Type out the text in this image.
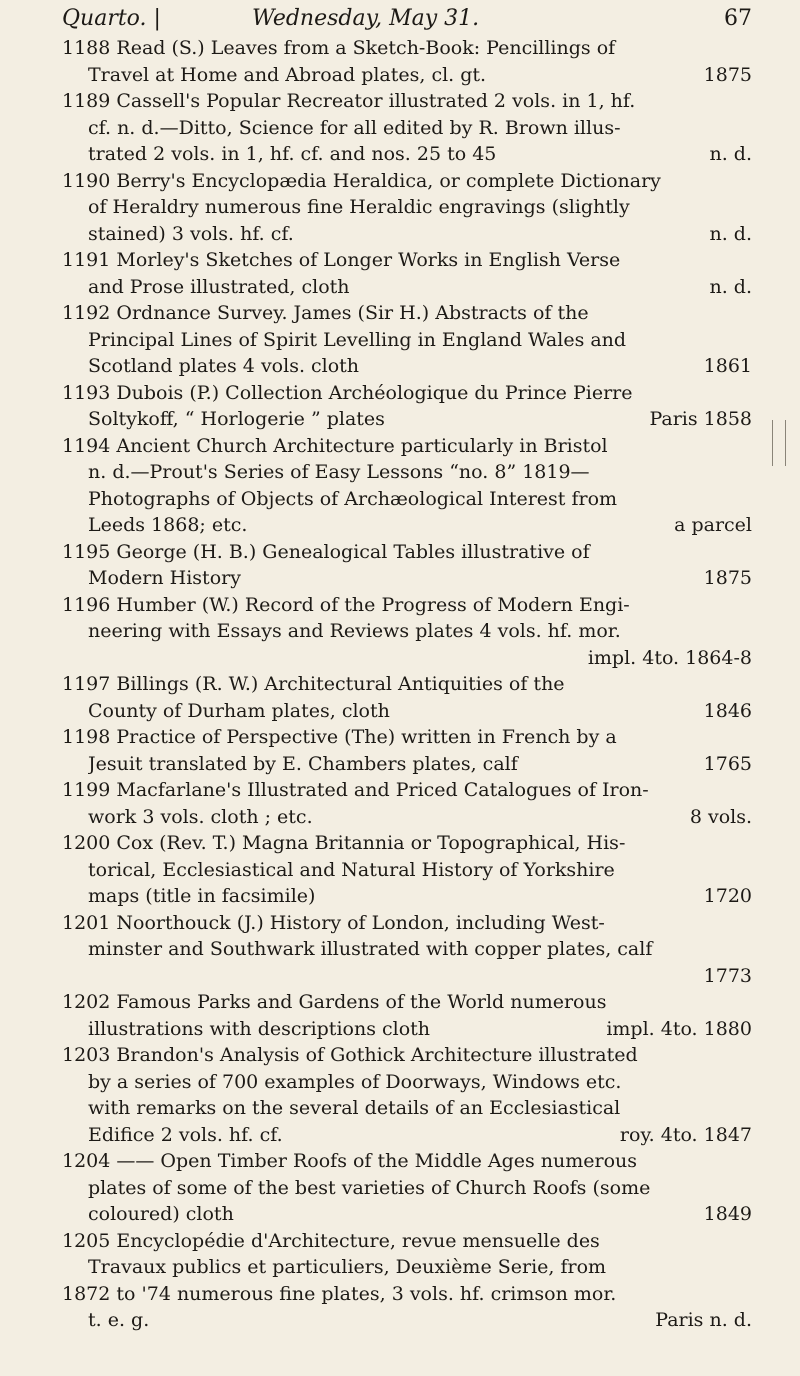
Quarto. |	Wednesday, May 31.	67
1188 Read (S.) Leaves from a Sketch-Book: Pencillings of
Travel at Home and Abroad plates, cl. gt.	1875
1189 Cassell's Popular Recreator illustrated 2 vols. in 1, hf.
cf. n. d.—Ditto, Science for all edited by R. Brown illus-
trated 2 vols. in 1, hf. cf. and nos. 25 to 45	n. d.
1190 Berry's Encyclopædia Heraldica, or complete Dictionary
of Heraldry numerous fine Heraldic engravings (slightly
stained) 3 vols. hf. cf.	n. d.
1191 Morley's Sketches of Longer Works in English Verse
and Prose illustrated, cloth	n. d.
1192 Ordnance Survey. James (Sir H.) Abstracts of the
Principal Lines of Spirit Levelling in England Wales and
Scotland plates 4 vols. cloth	1861
1193 Dubois (P.) Collection Archéologique du Prince Pierre
Soltykoff, “ Horlogerie ” plates	Paris 1858
1194 Ancient Church Architecture particularly in Bristol
n. d.—Prout's Series of Easy Lessons “no. 8” 1819—
Photographs of Objects of Archæological Interest from
Leeds 1868; etc.	a parcel
1195 George (H. B.) Genealogical Tables illustrative of
Modern History	1875
1196 Humber (W.) Record of the Progress of Modern Engi-
neering with Essays and Reviews plates 4 vols. hf. mor.
impl. 4to. 1864-8
1197 Billings (R. W.) Architectural Antiquities of the
County of Durham plates, cloth	1846
1198 Practice of Perspective (The) written in French by a
Jesuit translated by E. Chambers plates, calf	1765
1199 Macfarlane's Illustrated and Priced Catalogues of Iron-
work 3 vols. cloth ; etc.	8 vols.
1200 Cox (Rev. T.) Magna Britannia or Topographical, His-
torical, Ecclesiastical and Natural History of Yorkshire
maps (title in facsimile)	1720
1201 Noorthouck (J.) History of London, including West-
minster and Southwark illustrated with copper plates, calf
1773
1202 Famous Parks and Gardens of the World numerous
illustrations with descriptions cloth	impl. 4to. 1880
1203 Brandon's Analysis of Gothick Architecture illustrated
by a series of 700 examples of Doorways, Windows etc.
with remarks on the several details of an Ecclesiastical
Edifice 2 vols. hf. cf.	roy. 4to. 1847
1204 —— Open Timber Roofs of the Middle Ages numerous
plates of some of the best varieties of Church Roofs (some
coloured) cloth	1849
1205 Encyclopédie d'Architecture, revue mensuelle des
Travaux publics et particuliers, Deuxième Serie, from
1872 to '74 numerous fine plates, 3 vols. hf. crimson mor.
t. e. g.	Paris n. d.
